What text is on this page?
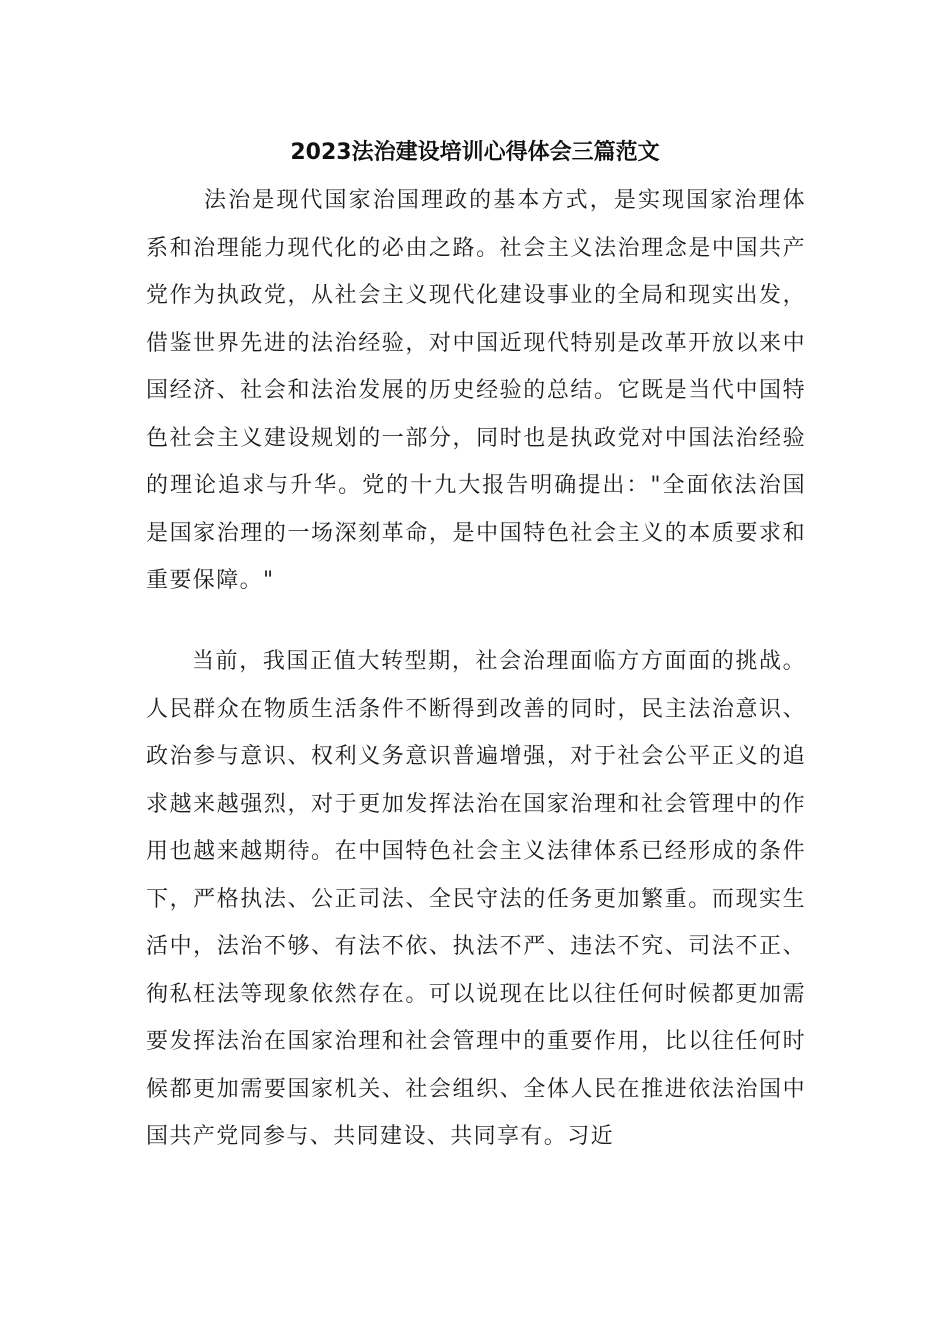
2023法治建设培训心得体会三篇范文

法治是现代国家治国理政的基本方式，是实现国家治理体系和治理能力现代化的必由之路。社会主义法治理念是中国共产党作为执政党，从社会主义现代化建设事业的全局和现实出发，借鉴世界先进的法治经验，对中国近现代特别是改革开放以来中国经济、社会和法治发展的历史经验的总结。它既是当代中国特色社会主义建设规划的一部分，同时也是执政党对中国法治经验的理论追求与升华。党的十九大报告明确提出："全面依法治国是国家治理的一场深刻革命，是中国特色社会主义的本质要求和重要保障。"

当前，我国正值大转型期，社会治理面临方方面面的挑战。人民群众在物质生活条件不断得到改善的同时，民主法治意识、政治参与意识、权利义务意识普遍增强，对于社会公平正义的追求越来越强烈，对于更加发挥法治在国家治理和社会管理中的作用也越来越期待。在中国特色社会主义法律体系已经形成的条件下，严格执法、公正司法、全民守法的任务更加繁重。而现实生活中，法治不够、有法不依、执法不严、违法不究、司法不正、徇私枉法等现象依然存在。可以说现在比以往任何时候都更加需要发挥法治在国家治理和社会管理中的重要作用，比以往任何时候都更加需要国家机关、社会组织、全体人民在推进依法治国中国共产党同参与、共同建设、共同享有。习近
